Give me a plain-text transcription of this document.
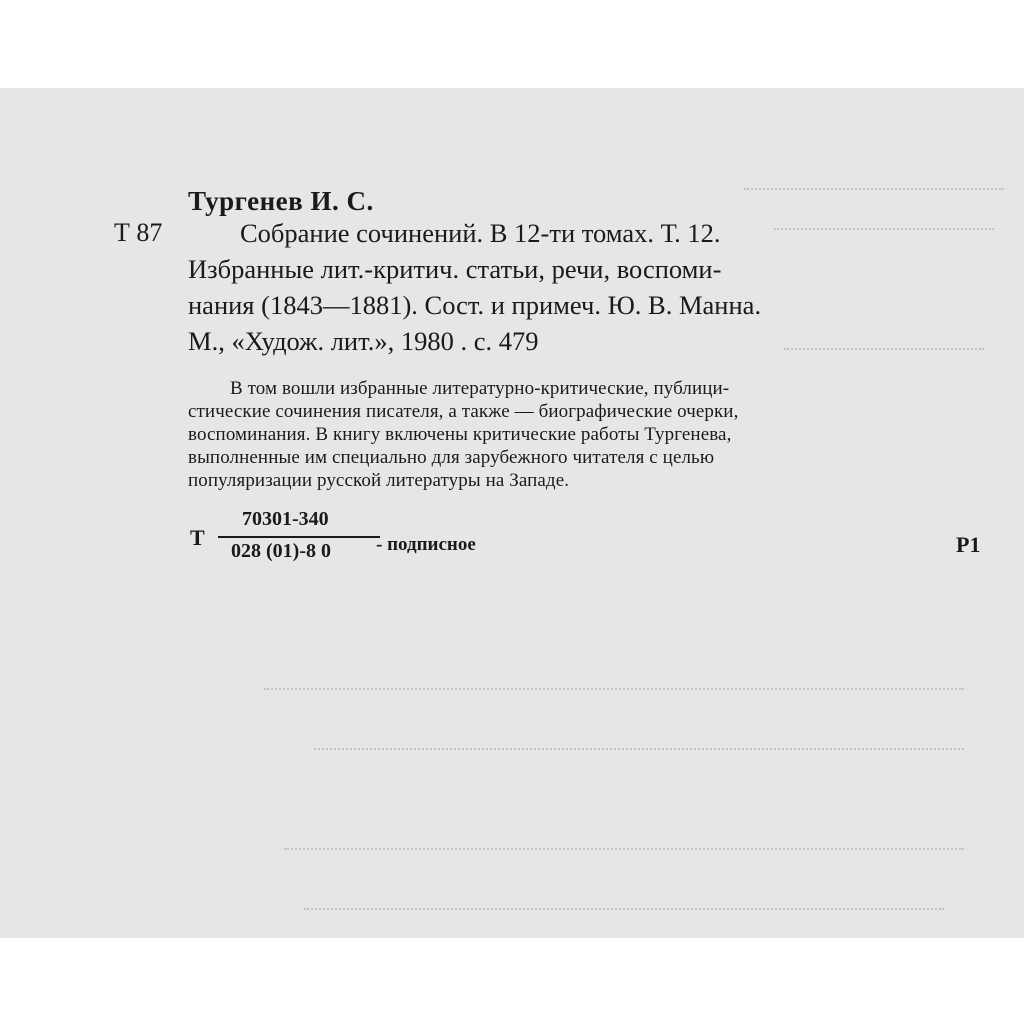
Тургенев И. С.
Т 87	Собрание сочинений. В 12-ти томах. Т. 12.
Избранные лит.-критич. статьи, речи, воспоми-
нания (1843—1881). Сост. и примеч. Ю. В. Манна.
М., «Худож. лит.», 1980 . с. 479
В том вошли избранные литературно-критические, публици-
стические сочинения писателя, а также — биографические очерки,
воспоминания. В книгу включены критические работы Тургенева,
выполненные им специально для зарубежного читателя с целью
популяризации русской литературы на Западе.
Т
70301-340
028 (01)-8 0 - подписное	Р1
